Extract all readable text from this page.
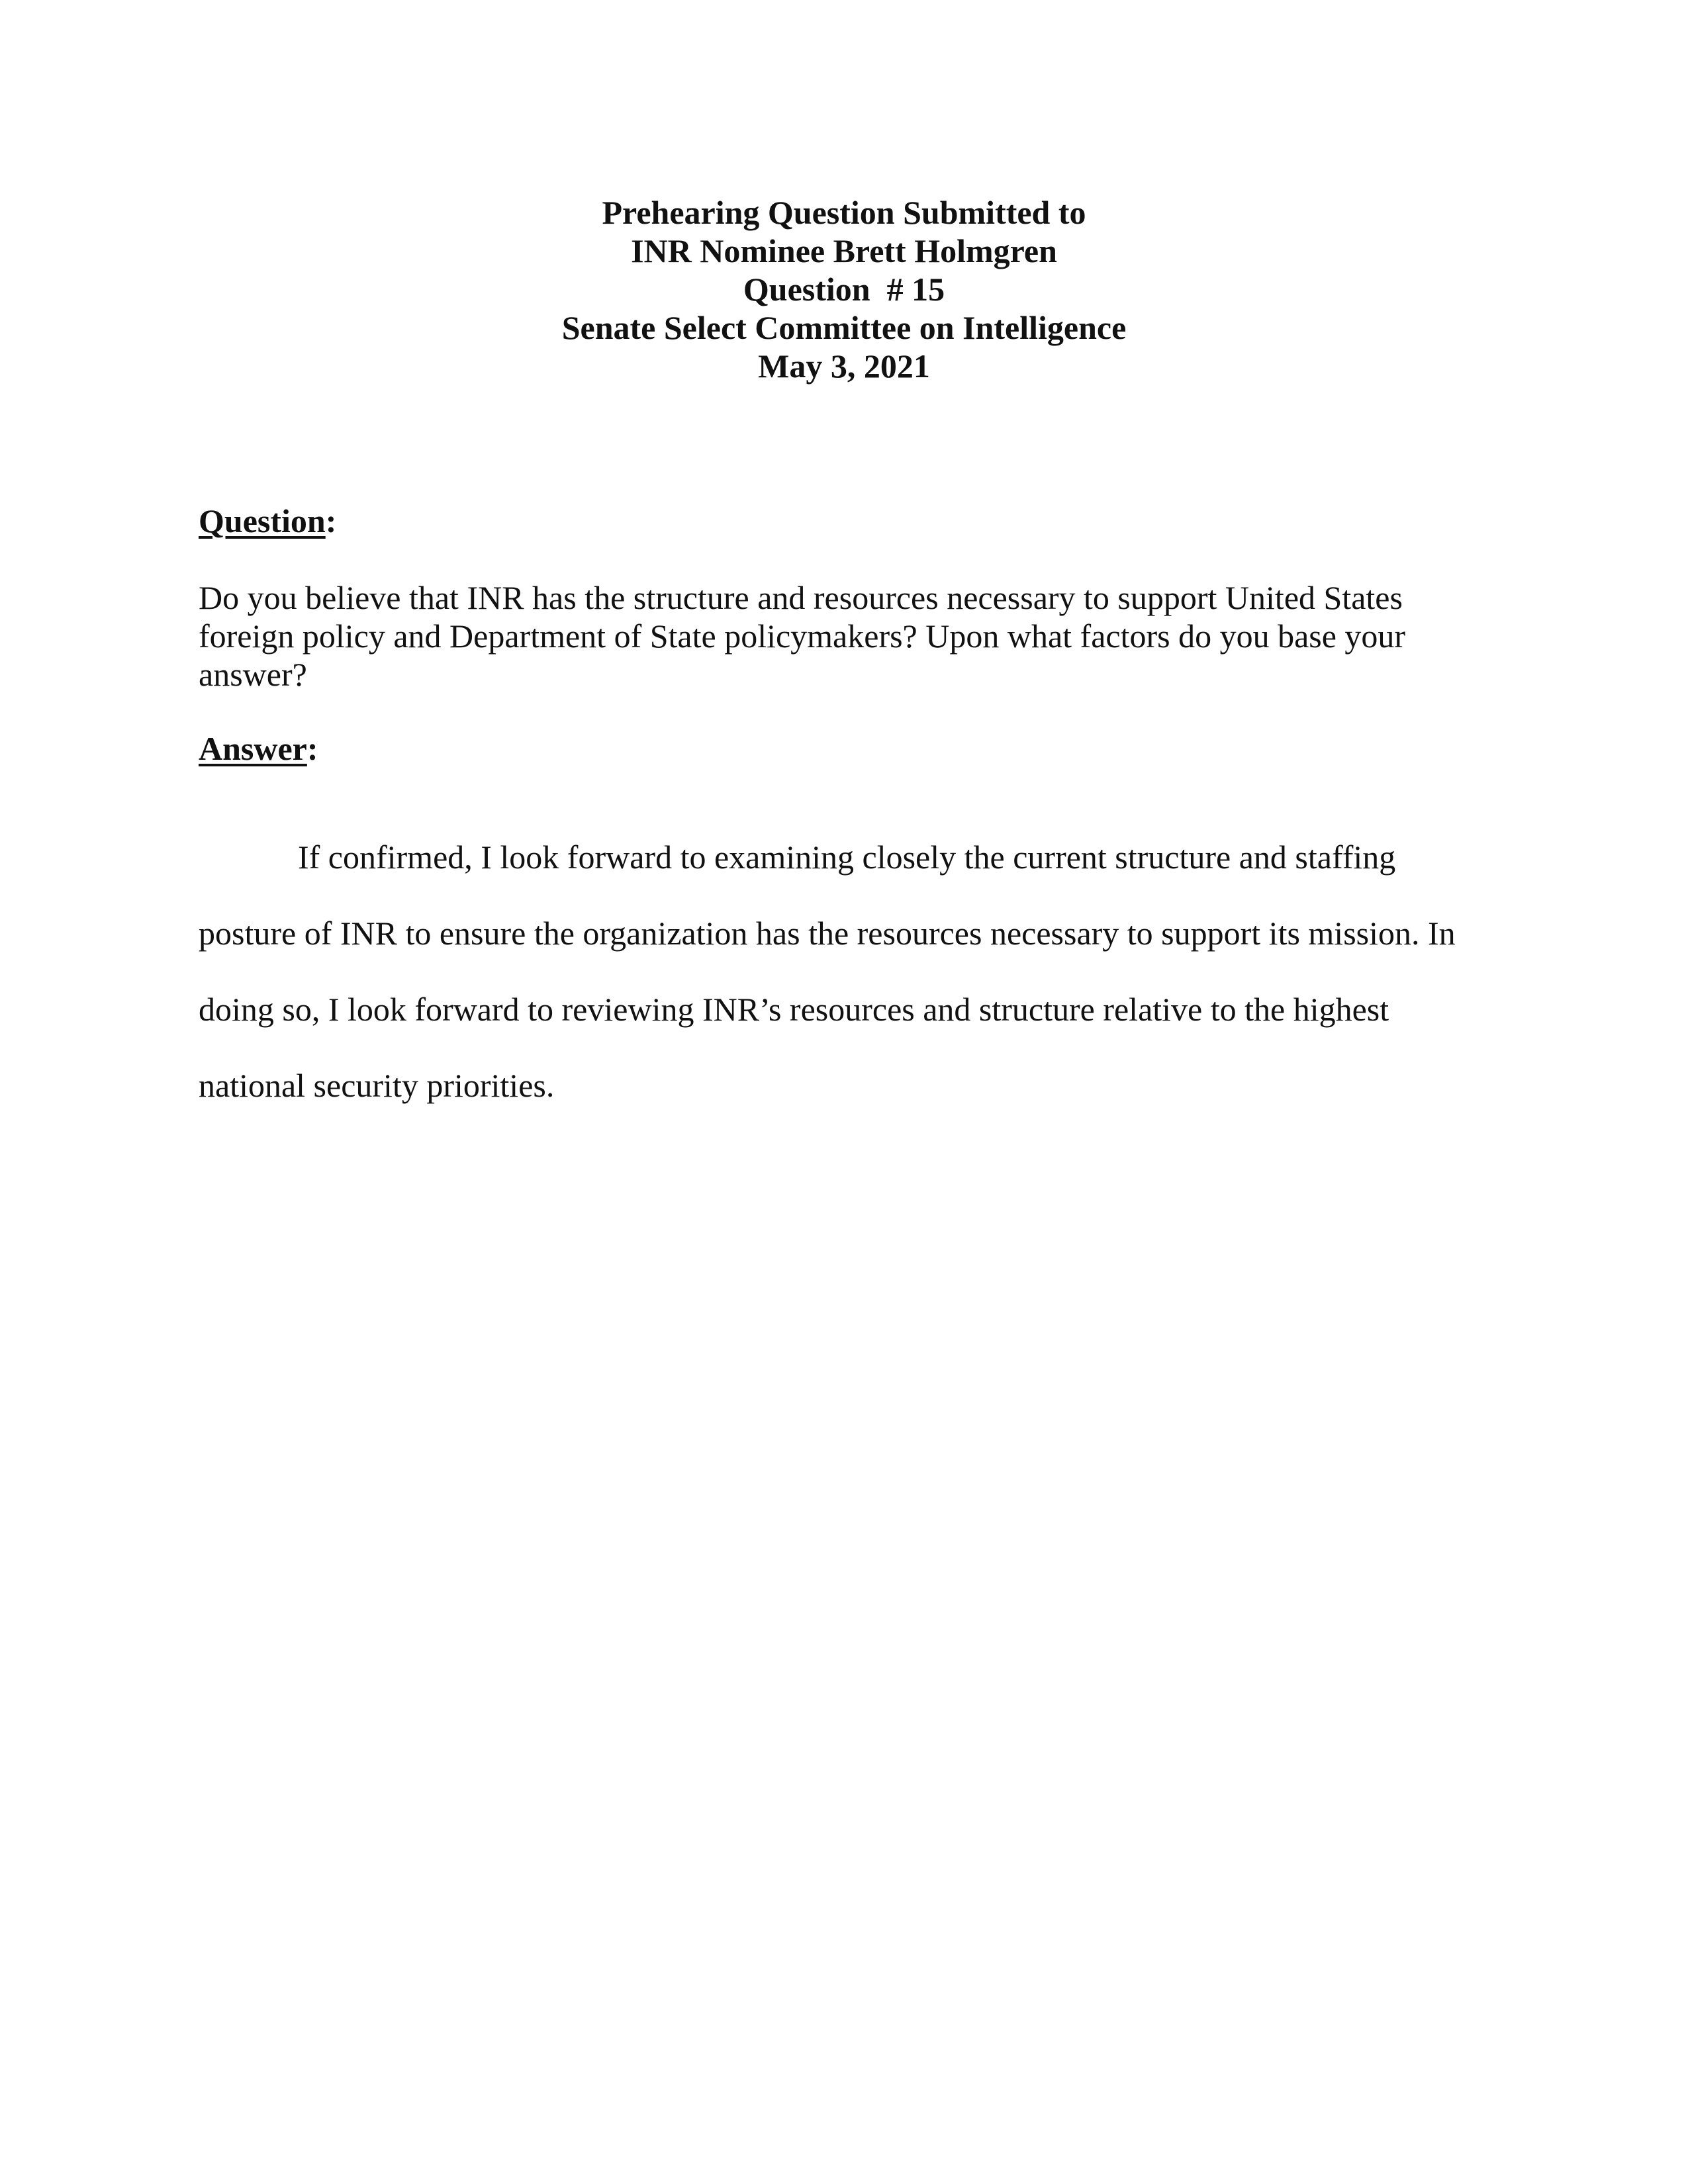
Prehearing Question Submitted to
INR Nominee Brett Holmgren
Question  # 15
Senate Select Committee on Intelligence
May 3, 2021
Question:
Do you believe that INR has the structure and resources necessary to support United States foreign policy and Department of State policymakers? Upon what factors do you base your answer?
Answer:
If confirmed, I look forward to examining closely the current structure and staffing posture of INR to ensure the organization has the resources necessary to support its mission. In doing so, I look forward to reviewing INR’s resources and structure relative to the highest national security priorities.
